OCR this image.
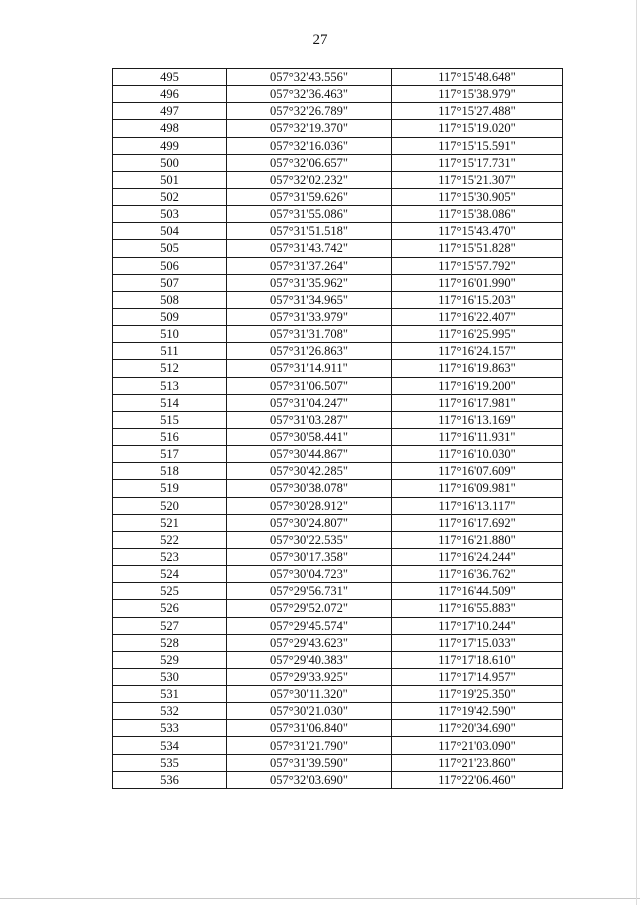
27
495	057°32'43.556"	117°15'48.648"
496	057°32'36.463"	117°15'38.979"
497	057°32'26.789"	117°15'27.488"
498	057°32'19.370"	117°15'19.020"
499	057°32'16.036"	117°15'15.591"
500	057°32'06.657"	117°15'17.731"
501	057°32'02.232"	117°15'21.307"
502	057°31'59.626"	117°15'30.905"
503	057°31'55.086"	117°15'38.086"
504	057°31'51.518"	117°15'43.470"
505	057°31'43.742"	117°15'51.828"
506	057°31'37.264"	117°15'57.792"
507	057°31'35.962"	117°16'01.990"
508	057°31'34.965"	117°16'15.203"
509	057°31'33.979"	117°16'22.407"
510	057°31'31.708"	117°16'25.995"
511	057°31'26.863"	117°16'24.157"
512	057°31'14.911"	117°16'19.863"
513	057°31'06.507"	117°16'19.200"
514	057°31'04.247"	117°16'17.981"
515	057°31'03.287"	117°16'13.169"
516	057°30'58.441"	117°16'11.931"
517	057°30'44.867"	117°16'10.030"
518	057°30'42.285"	117°16'07.609"
519	057°30'38.078"	117°16'09.981"
520	057°30'28.912"	117°16'13.117"
521	057°30'24.807"	117°16'17.692"
522	057°30'22.535"	117°16'21.880"
523	057°30'17.358"	117°16'24.244"
524	057°30'04.723"	117°16'36.762"
525	057°29'56.731"	117°16'44.509"
526	057°29'52.072"	117°16'55.883"
527	057°29'45.574"	117°17'10.244"
528	057°29'43.623"	117°17'15.033"
529	057°29'40.383"	117°17'18.610"
530	057°29'33.925"	117°17'14.957"
531	057°30'11.320"	117°19'25.350"
532	057°30'21.030"	117°19'42.590"
533	057°31'06.840"	117°20'34.690"
534	057°31'21.790"	117°21'03.090"
535	057°31'39.590"	117°21'23.860"
536	057°32'03.690"	117°22'06.460"
